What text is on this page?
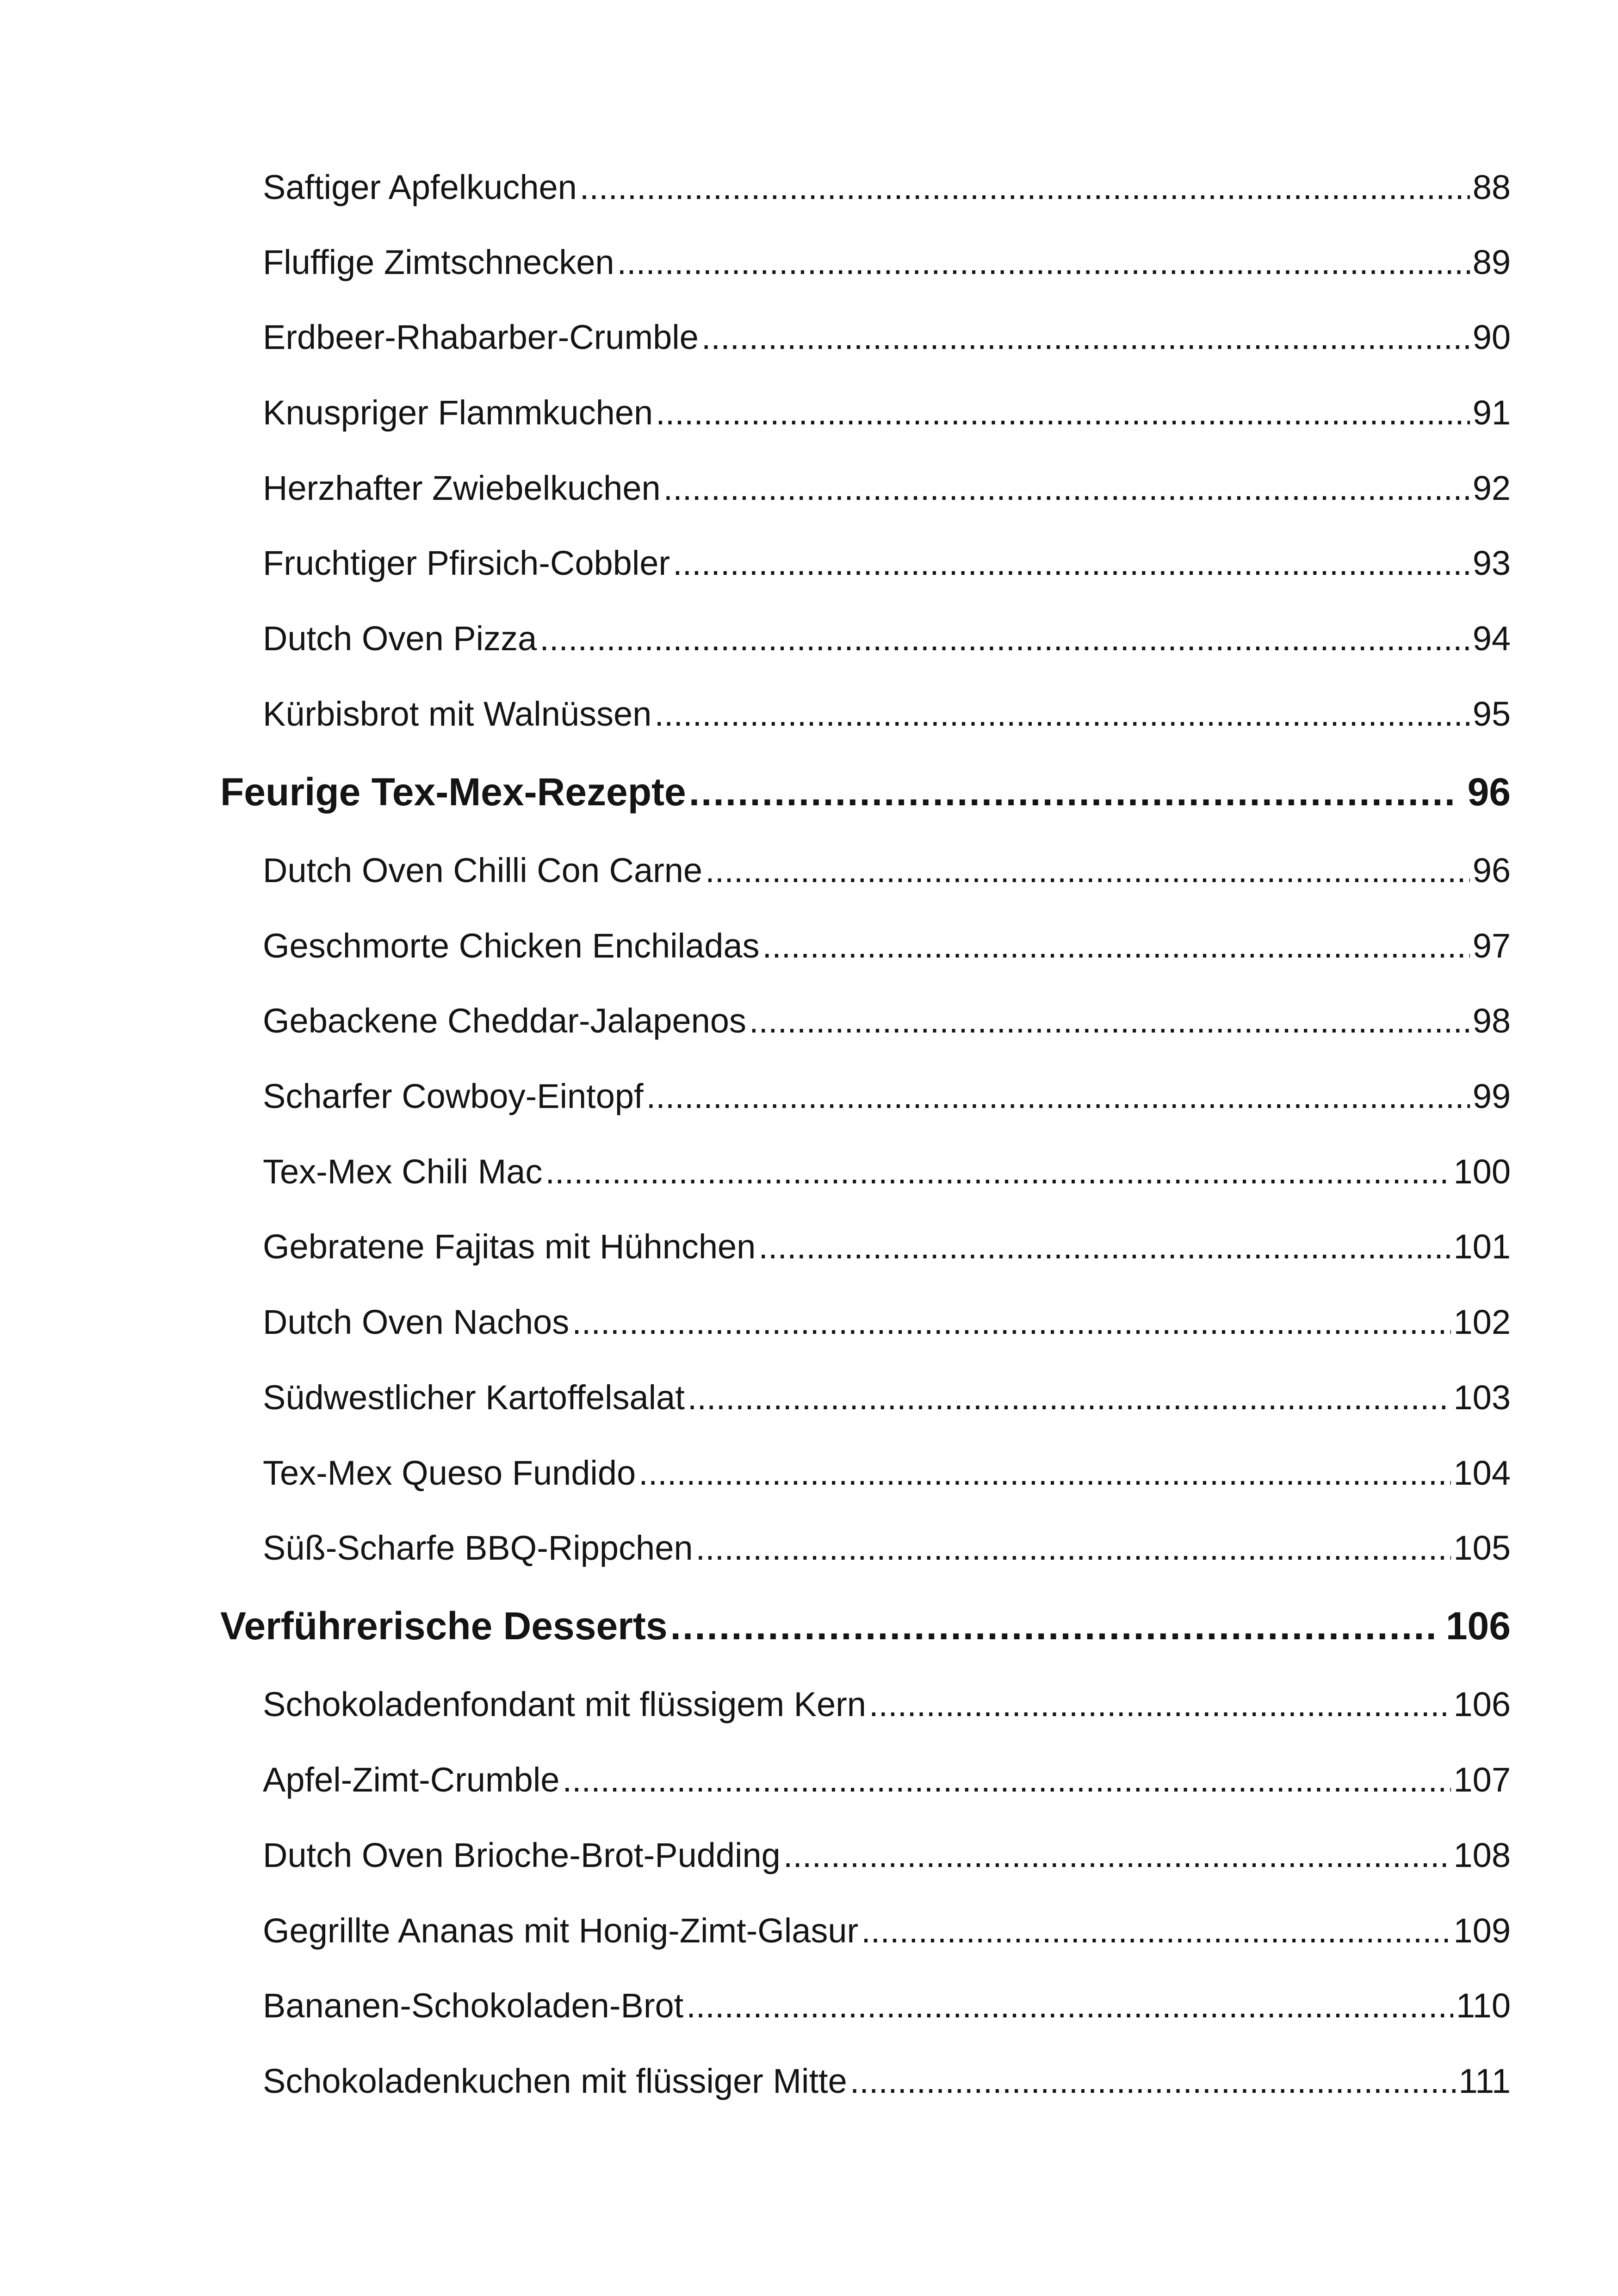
Saftiger Apfelkuchen .....	88
Fluffige Zimtschnecken .....	89
Erdbeer-Rhabarber-Crumble .....	90
Knuspriger Flammkuchen .....	91
Herzhafter Zwiebelkuchen .....	92
Fruchtiger Pfirsich-Cobbler .....	93
Dutch Oven Pizza .....	94
Kürbisbrot mit Walnüssen .....	95
Feurige Tex-Mex-Rezepte .....	96
Dutch Oven Chilli Con Carne .....	96
Geschmorte Chicken Enchiladas .....	97
Gebackene Cheddar-Jalapenos .....	98
Scharfer Cowboy-Eintopf .....	99
Tex-Mex Chili Mac .....	100
Gebratene Fajitas mit Hühnchen .....	101
Dutch Oven Nachos .....	102
Südwestlicher Kartoffelsalat .....	103
Tex-Mex Queso Fundido .....	104
Süß-Scharfe BBQ-Rippchen .....	105
Verführerische Desserts .....	106
Schokoladenfondant mit flüssigem Kern .....	106
Apfel-Zimt-Crumble .....	107
Dutch Oven Brioche-Brot-Pudding .....	108
Gegrillte Ananas mit Honig-Zimt-Glasur .....	109
Bananen-Schokoladen-Brot .....	110
Schokoladenkuchen mit flüssiger Mitte .....	111
